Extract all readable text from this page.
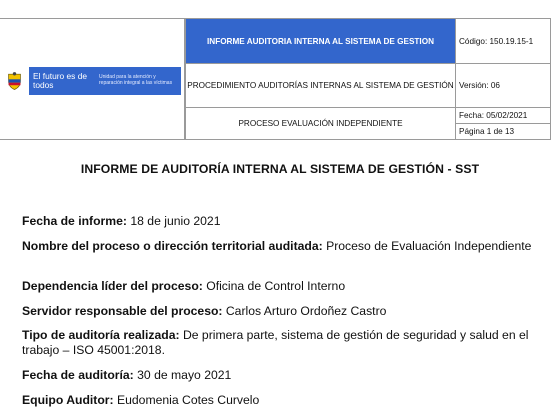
El futuro es de todos
Unidad para la atención y reparación integral a las víctimas
INFORME AUDITORIA INTERNA AL SISTEMA DE GESTION	Código: 150.19.15-1
PROCEDIMIENTO AUDITORÍAS INTERNAS AL SISTEMA DE GESTIÓN Versión: 06
PROCESO EVALUACIÓN INDEPENDIENTE
Fecha: 05/02/2021
Página 1 de 13
INFORME DE AUDITORÍA INTERNA AL SISTEMA DE GESTIÓN - SST
Fecha de informe: 18 de junio 2021
Nombre del proceso o dirección territorial auditada: Proceso de Evaluación Independiente
Dependencia líder del proceso: Oficina de Control Interno
Servidor responsable del proceso: Carlos Arturo Ordoñez Castro
Tipo de auditoría realizada: De primera parte, sistema de gestión de seguridad y salud en el trabajo – ISO 45001:2018.
Fecha de auditoría: 30 de mayo 2021
Equipo Auditor: Eudomenia Cotes Curvelo
